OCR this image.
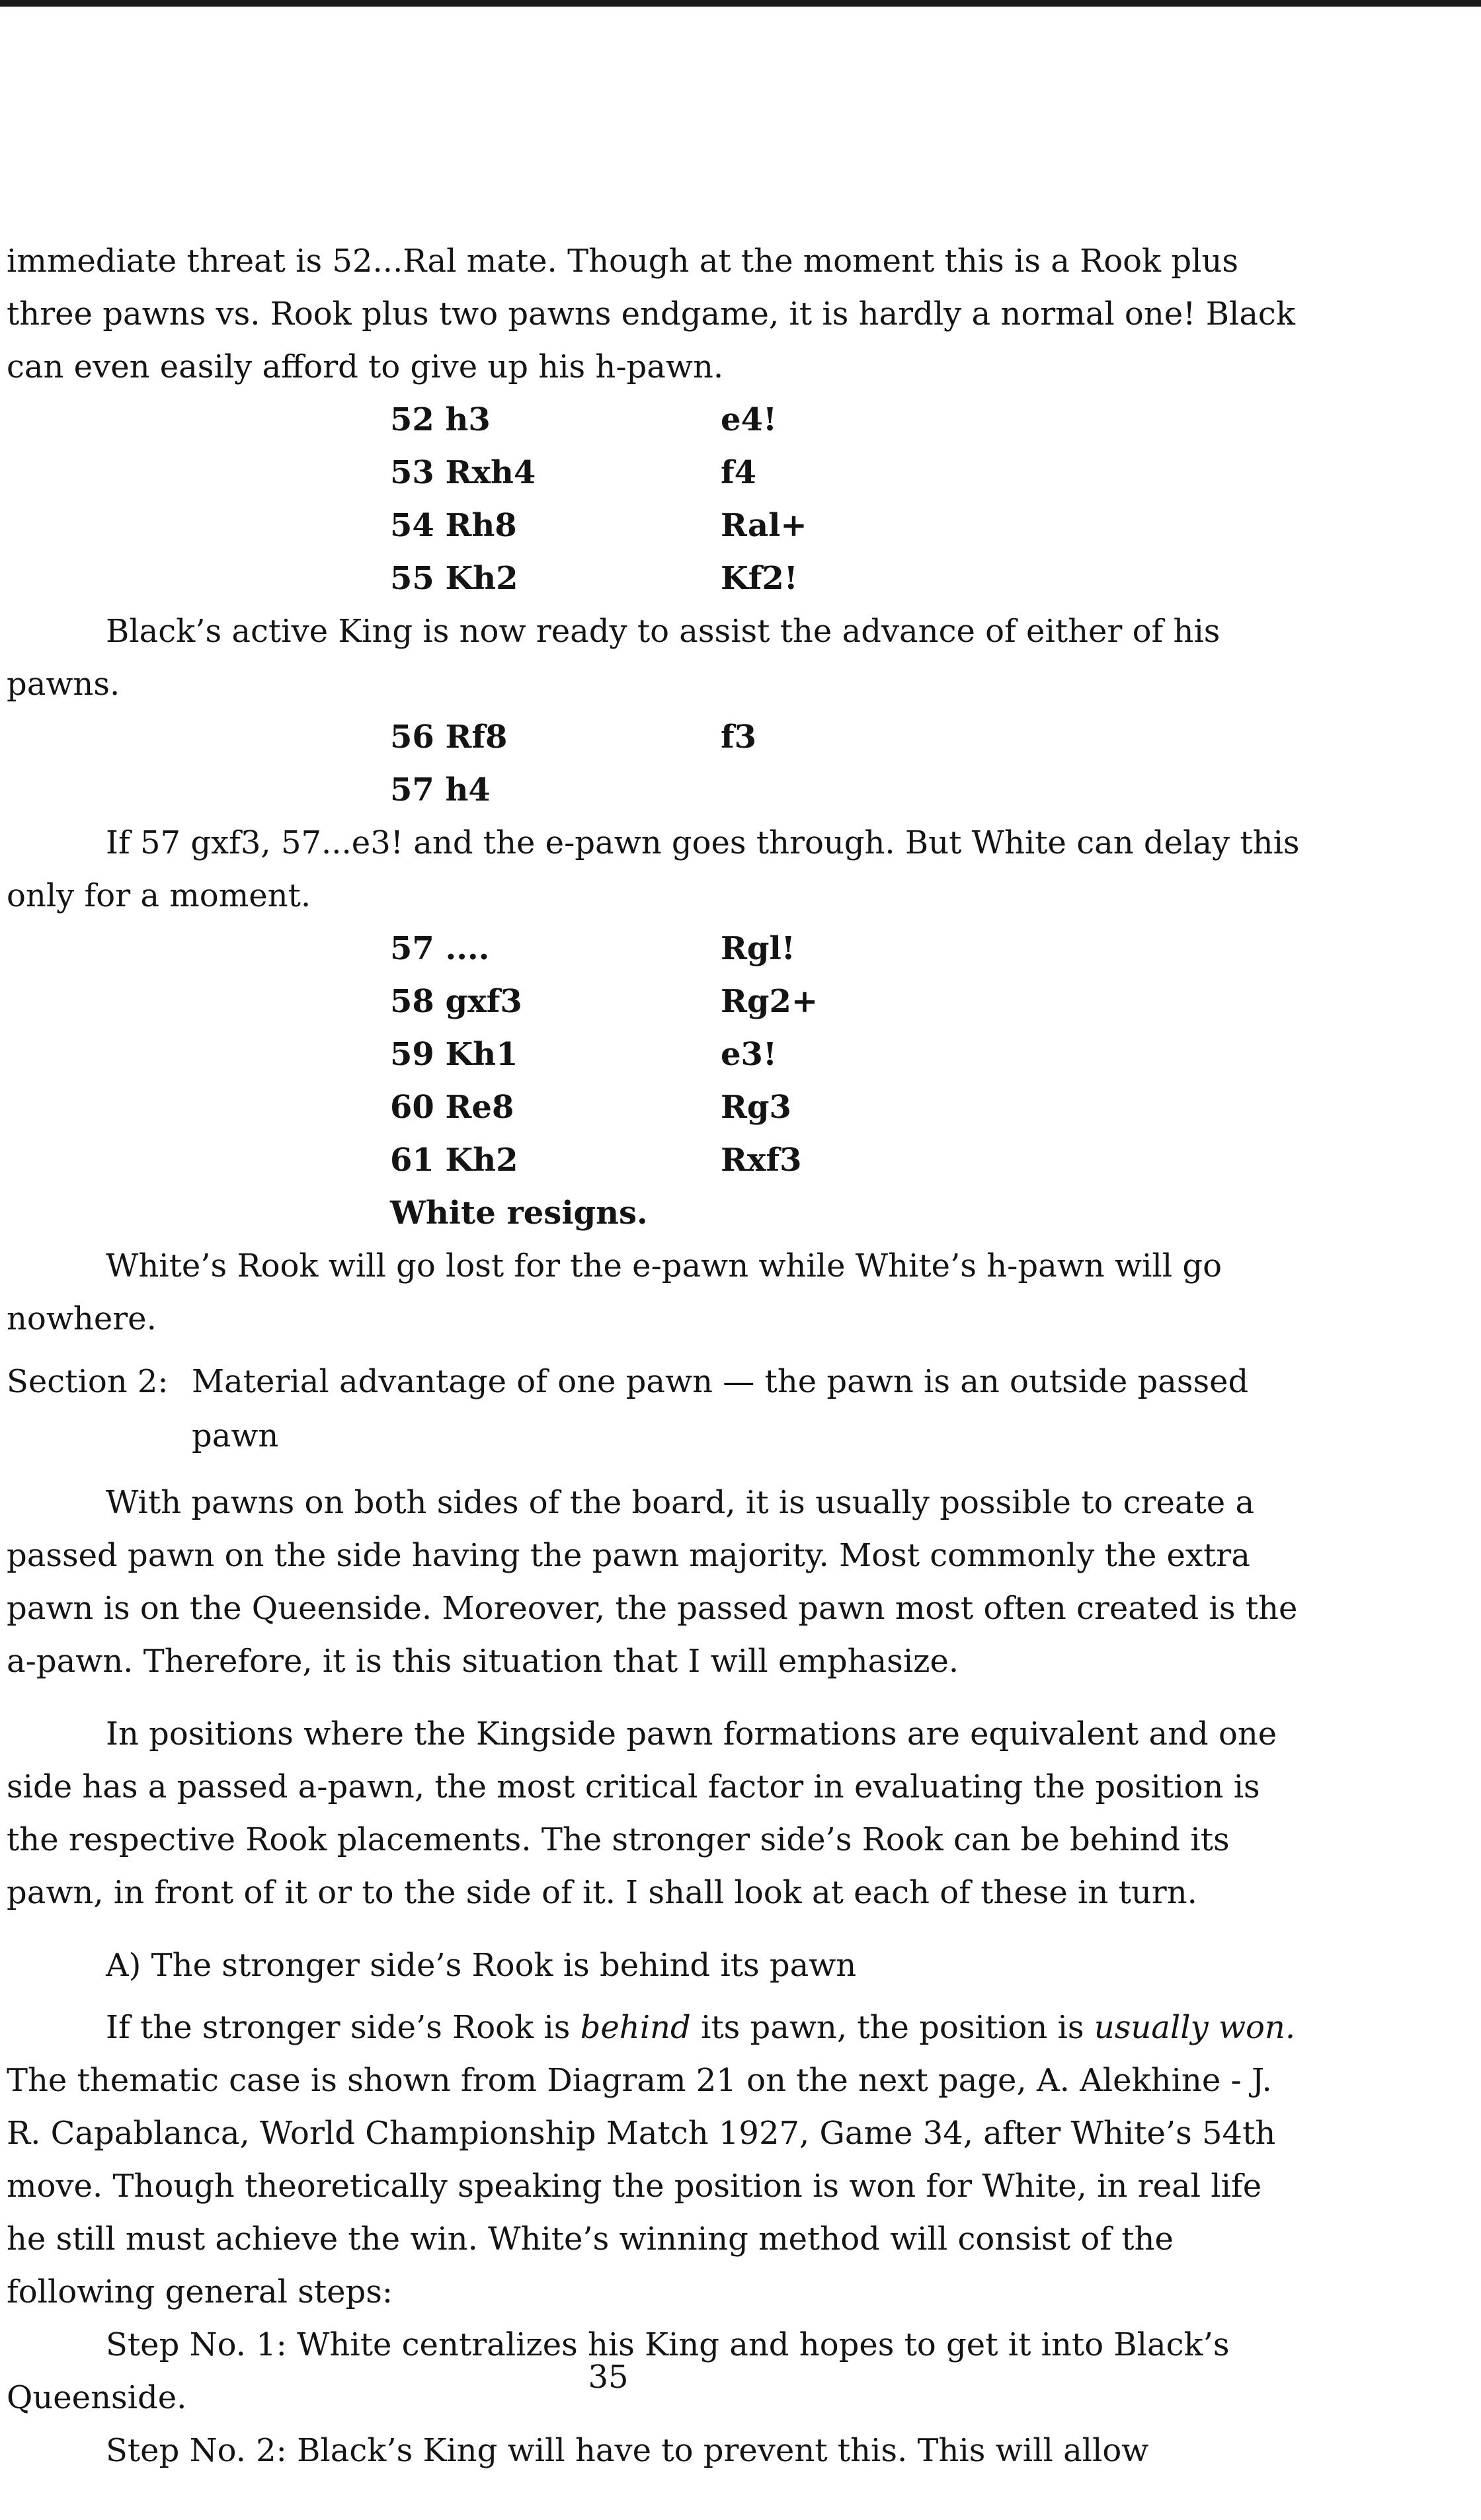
immediate threat is 52...Ral mate. Though at the moment this is a Rook plus three pawns vs. Rook plus two pawns endgame, it is hardly a normal one! Black can even easily afford to give up his h-pawn.

52 h3	e4!
53 Rxh4	f4
54 Rh8	Ral+
55 Kh2	Kf2!

Black’s active King is now ready to assist the advance of either of his pawns.

56 Rf8	f3
57 h4

If 57 gxf3, 57...e3! and the e-pawn goes through. But White can delay this only for a moment.

57 ....	Rgl!
58 gxf3	Rg2+
59 Kh1	e3!
60 Re8	Rg3
61 Kh2	Rxf3
White resigns.

White’s Rook will go lost for the e-pawn while White’s h-pawn will go nowhere.

Section 2: Material advantage of one pawn — the pawn is an outside passed pawn

With pawns on both sides of the board, it is usually possible to create a passed pawn on the side having the pawn majority. Most commonly the extra pawn is on the Queenside. Moreover, the passed pawn most often created is the a-pawn. Therefore, it is this situation that I will emphasize.

In positions where the Kingside pawn formations are equivalent and one side has a passed a-pawn, the most critical factor in evaluating the position is the respective Rook placements. The stronger side’s Rook can be behind its pawn, in front of it or to the side of it. I shall look at each of these in turn.

A) The stronger side’s Rook is behind its pawn

If the stronger side’s Rook is behind its pawn, the position is usually won. The thematic case is shown from Diagram 21 on the next page, A. Alekhine - J. R. Capablanca, World Championship Match 1927, Game 34, after White’s 54th move. Though theoretically speaking the position is won for White, in real life he still must achieve the win. White’s winning method will consist of the following general steps:

Step No. 1: White centralizes his King and hopes to get it into Black’s Queenside.

Step No. 2: Black’s King will have to prevent this. This will allow

35
